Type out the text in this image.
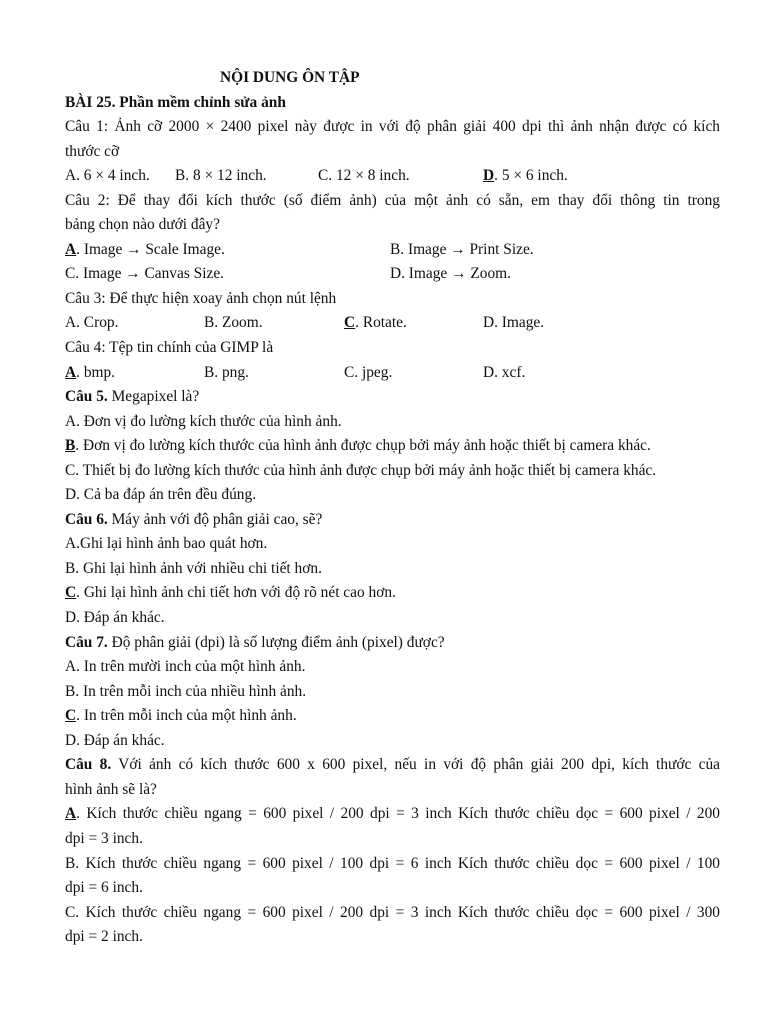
NỘI DUNG ÔN TẬP
BÀI 25. Phần mềm chỉnh sửa ảnh
Câu 1: Ảnh cỡ 2000 × 2400 pixel này được in với độ phân giải 400 dpi thì ảnh nhận được có kích
thước cỡ
A. 6 × 4 inch. B. 8 × 12 inch.	C. 12 × 8 inch.	D. 5 × 6 inch.
Câu 2: Để thay đổi kích thước (số điểm ảnh) của một ảnh có sẵn, em thay đổi thông tin trong
bảng chọn nào dưới đây?
A. Image → Scale Image.	B. Image → Print Size.
C. Image → Canvas Size.	D. Image → Zoom.
Câu 3: Để thực hiện xoay ảnh chọn nút lệnh
A. Crop.	B. Zoom.	C. Rotate.	D. Image.
Câu 4: Tệp tin chính của GIMP là
A. bmp.	B. png.	C. jpeg.	D. xcf.
Câu 5. Megapixel là?
A. Đơn vị đo lường kích thước của hình ảnh.
B. Đơn vị đo lường kích thước của hình ảnh được chụp bởi máy ảnh hoặc thiết bị camera khác.
C. Thiết bị đo lường kích thước của hình ảnh được chụp bởi máy ảnh hoặc thiết bị camera khác.
D. Cả ba đáp án trên đều đúng.
Câu 6. Máy ảnh với độ phân giải cao, sẽ?
A.Ghi lại hình ảnh bao quát hơn.
B. Ghi lại hình ảnh với nhiều chi tiết hơn.
C. Ghi lại hình ảnh chi tiết hơn với độ rõ nét cao hơn.
D. Đáp án khác.
Câu 7. Độ phân giải (dpi) là số lượng điểm ảnh (pixel) được?
A. In trên mười inch của một hình ảnh.
B. In trên mỗi inch của nhiều hình ảnh.
C. In trên mỗi inch của một hình ảnh.
D. Đáp án khác.
Câu 8. Với ảnh có kích thước 600 x 600 pixel, nếu in với độ phân giải 200 dpi, kích thước của
hình ảnh sẽ là?
A. Kích thước chiều ngang = 600 pixel / 200 dpi = 3 inch Kích thước chiều dọc = 600 pixel / 200
dpi = 3 inch.
B. Kích thước chiều ngang = 600 pixel / 100 dpi = 6 inch Kích thước chiều dọc = 600 pixel / 100
dpi = 6 inch.
C. Kích thước chiều ngang = 600 pixel / 200 dpi = 3 inch Kích thước chiều dọc = 600 pixel / 300
dpi = 2 inch.
